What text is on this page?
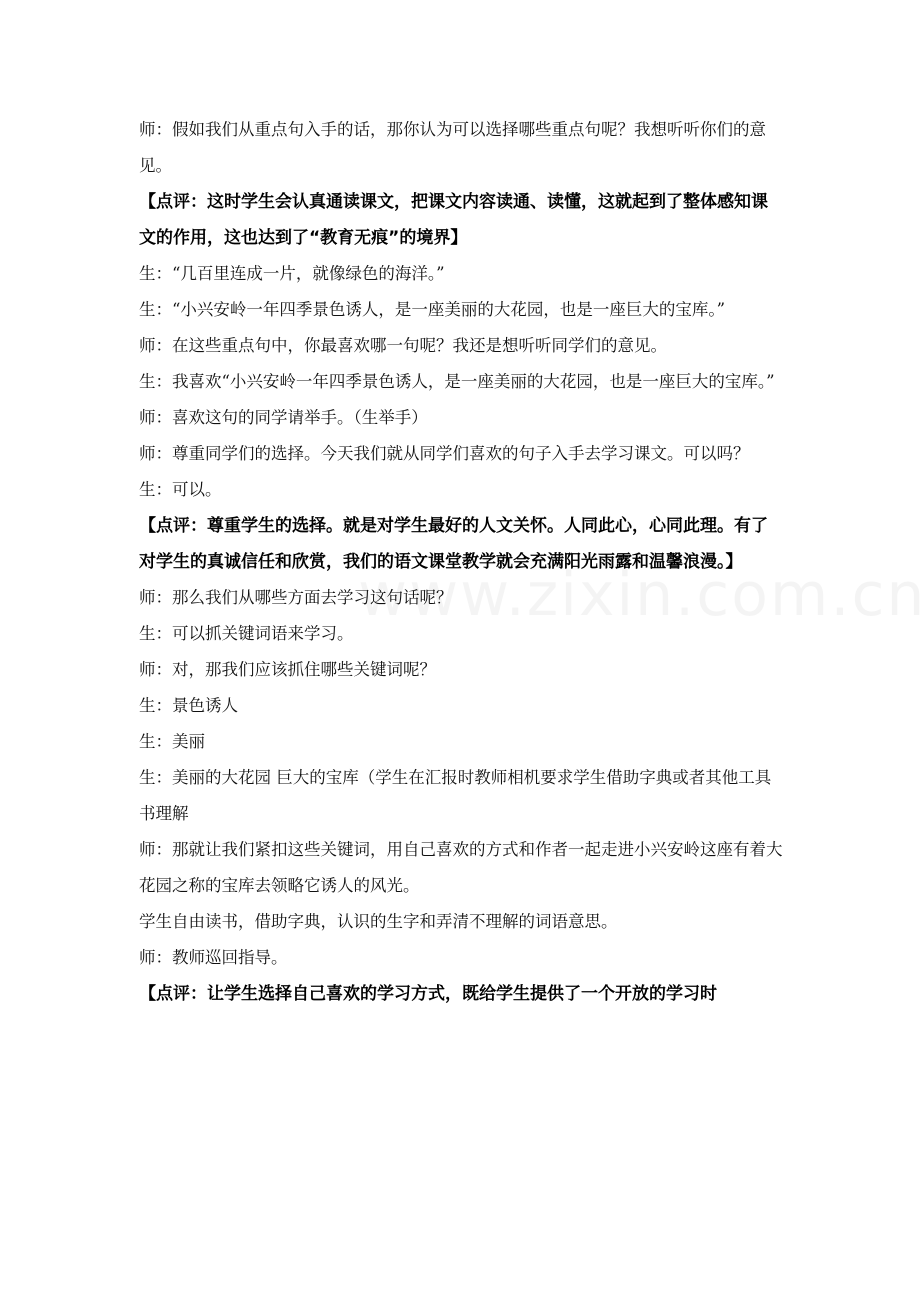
师：假如我们从重点句入手的话，那你认为可以选择哪些重点句呢？我想听听你们的意见。

【点评：这时学生会认真通读课文，把课文内容读通、读懂，这就起到了整体感知课文的作用，这也达到了“教育无痕”的境界】

生：“几百里连成一片，就像绿色的海洋。”

生：“小兴安岭一年四季景色诱人，是一座美丽的大花园，也是一座巨大的宝库。”

师：在这些重点句中，你最喜欢哪一句呢？我还是想听听同学们的意见。

生：我喜欢“小兴安岭一年四季景色诱人，是一座美丽的大花园，也是一座巨大的宝库。”

师：喜欢这句的同学请举手。（生举手）

师：尊重同学们的选择。今天我们就从同学们喜欢的句子入手去学习课文。可以吗？

生：可以。

【点评：尊重学生的选择。就是对学生最好的人文关怀。人同此心，心同此理。有了对学生的真诚信任和欣赏，我们的语文课堂教学就会充满阳光雨露和温馨浪漫。】

师：那么我们从哪些方面去学习这句话呢？

生：可以抓关键词语来学习。

师：对，那我们应该抓住哪些关键词呢？

生：景色诱人

生：美丽

生：美丽的大花园 巨大的宝库（学生在汇报时教师相机要求学生借助字典或者其他工具书理解

师：那就让我们紧扣这些关键词，用自己喜欢的方式和作者一起走进小兴安岭这座有着大花园之称的宝库去领略它诱人的风光。

学生自由读书，借助字典，认识的生字和弄清不理解的词语意思。

师：教师巡回指导。

【点评：让学生选择自己喜欢的学习方式，既给学生提供了一个开放的学习时
